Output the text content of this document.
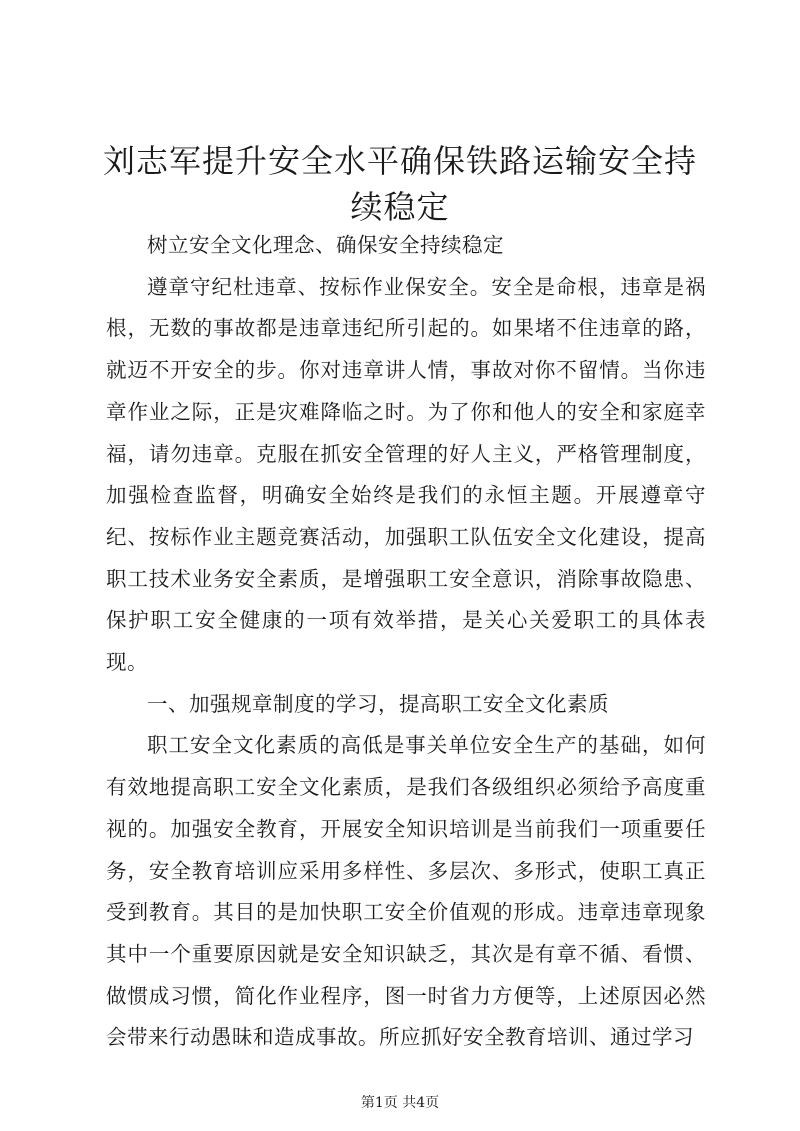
刘志军提升安全水平确保铁路运输安全持续稳定

树立安全文化理念、确保安全持续稳定

遵章守纪杜违章、按标作业保安全。安全是命根，违章是祸根，无数的事故都是违章违纪所引起的。如果堵不住违章的路，就迈不开安全的步。你对违章讲人情，事故对你不留情。当你违章作业之际，正是灾难降临之时。为了你和他人的安全和家庭幸福，请勿违章。克服在抓安全管理的好人主义，严格管理制度，加强检查监督，明确安全始终是我们的永恒主题。开展遵章守纪、按标作业主题竞赛活动，加强职工队伍安全文化建设，提高职工技术业务安全素质，是增强职工安全意识，消除事故隐患、保护职工安全健康的一项有效举措，是关心关爱职工的具体表现。

一、加强规章制度的学习，提高职工安全文化素质

职工安全文化素质的高低是事关单位安全生产的基础，如何有效地提高职工安全文化素质，是我们各级组织必须给予高度重视的。加强安全教育，开展安全知识培训是当前我们一项重要任务，安全教育培训应采用多样性、多层次、多形式，使职工真正受到教育。其目的是加快职工安全价值观的形成。违章违章现象其中一个重要原因就是安全知识缺乏，其次是有章不循、看惯、做惯成习惯，简化作业程序，图一时省力方便等，上述原因必然会带来行动愚昧和造成事故。所应抓好安全教育培训、通过学习

第1页 共4页
